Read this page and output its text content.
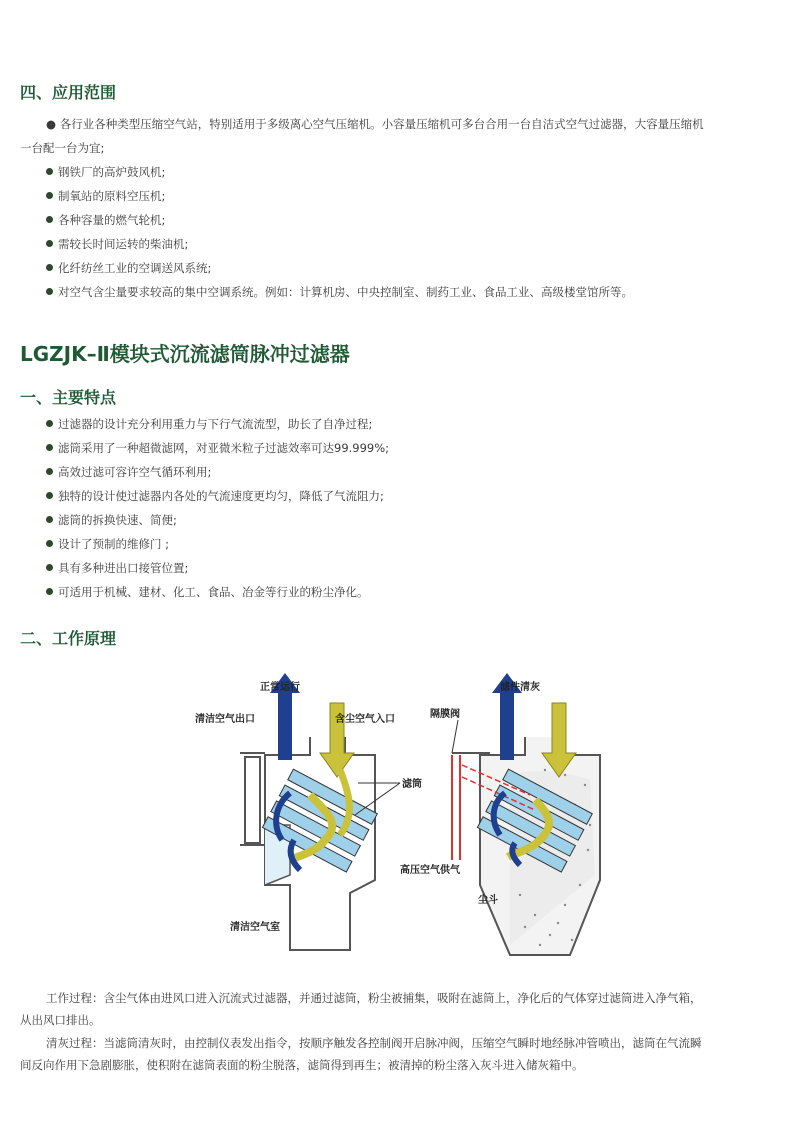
四、应用范围
● 各行业各种类型压缩空气站，特别适用于多级离心空气压缩机。小容量压缩机可多台合用一台自洁式空气过滤器，大容量压缩机
一台配一台为宜;
钢铁厂的高炉鼓风机;
制氧站的原料空压机;
各种容量的燃气轮机;
需较长时间运转的柴油机;
化纤纺丝工业的空调送风系统;
对空气含尘量要求较高的集中空调系统。例如：计算机房、中央控制室、制药工业、食品工业、高级楼堂馆所等。
LGZJK–Ⅱ模块式沉流滤筒脉冲过滤器
一、主要特点
过滤器的设计充分利用重力与下行气流流型，助长了自净过程;
滤筒采用了一种超微滤网，对亚微米粒子过滤效率可达99.999%;
高效过滤可容许空气循环利用;
独特的设计使过滤器内各处的气流速度更均匀，降低了气流阻力;
滤筒的拆换快速、简便;
设计了预制的维修门 ;
具有多种进出口接管位置;
可适用于机械、建材、化工、食品、冶金等行业的粉尘净化。
二、工作原理
正常运行
清洁空气出口	含尘空气入口
滤筒
清洁空气室
滤件清灰
隔膜阀
高压空气供气
尘斗
工作过程：含尘气体由进风口进入沉流式过滤器，并通过滤筒，粉尘被捕集，吸附在滤筒上，净化后的气体穿过滤筒进入净气箱，
从出风口排出。
清灰过程：当滤筒清灰时，由控制仪表发出指令，按顺序触发各控制阀开启脉冲阀，压缩空气瞬时地经脉冲管喷出，滤筒在气流瞬
间反向作用下急剧膨胀，使积附在滤筒表面的粉尘脱落，滤筒得到再生；被清掉的粉尘落入灰斗进入储灰箱中。
